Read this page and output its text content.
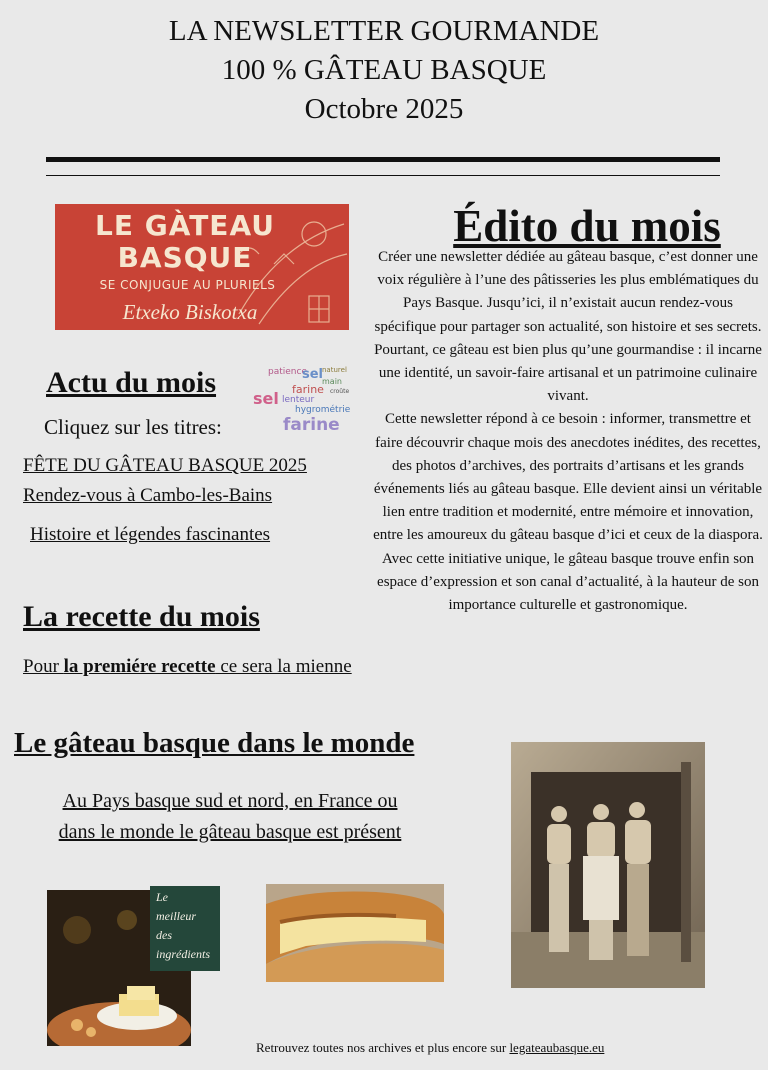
LA NEWSLETTER GOURMANDE
100 % GÂTEAU BASQUE
Octobre 2025
LE GÀTEAU BASQUE
SE CONJUGUE AU PLURIELS
Etxeko Biskotxa
patience
sel
naturel
main
farine croûte
sel lenteur
hygrométrie
farine
Actu du mois
Cliquez sur les titres:
FÊTE DU GÂTEAU BASQUE 2025
Rendez-vous à Cambo-les-Bains
Histoire et légendes fascinantes
La recette du mois
Pour la premiére recette ce sera la mienne
Le gâteau basque dans le monde
Au Pays basque sud et nord, en France ou
dans le monde le gâteau basque est présent
Édito du mois

Créer une newsletter dédiée au gâteau basque, c’est donner une voix régulière à l’une des pâtisseries les plus emblématiques du Pays Basque. Jusqu’ici, il n’existait aucun rendez-vous spécifique pour partager son actualité, son histoire et ses secrets. Pourtant, ce gâteau est bien plus qu’une gourmandise : il incarne une identité, un savoir-faire artisanal et un patrimoine culinaire vivant.

Cette newsletter répond à ce besoin : informer, transmettre et faire découvrir chaque mois des anecdotes inédites, des recettes, des photos d’archives, des portraits d’artisans et les grands événements liés au gâteau basque. Elle devient ainsi un véritable lien entre tradition et modernité, entre mémoire et innovation, entre les amoureux du gâteau basque d’ici et ceux de la diaspora.

Avec cette initiative unique, le gâteau basque trouve enfin son espace d’expression et son canal d’actualité, à la hauteur de son importance culturelle et gastronomique.

Le
meilleur
des
ingrédients
Retrouvez toutes nos archives et plus encore sur legateaubasque.eu
